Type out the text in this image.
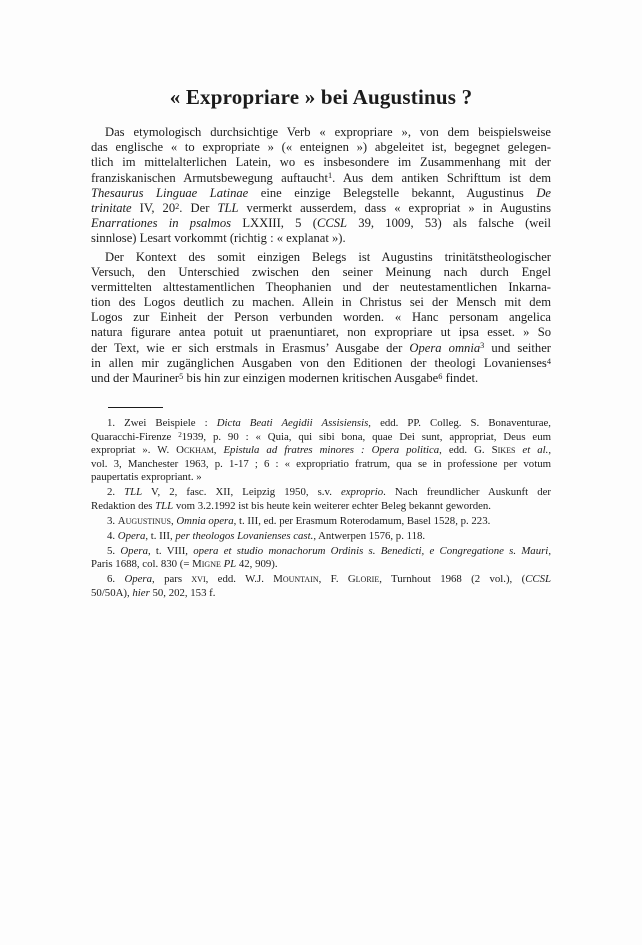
« Expropriare » bei Augustinus ?
Das etymologisch durchsichtige Verb « expropriare », von dem beispielsweise
das englische « to expropriate » (« enteignen ») abgeleitet ist, begegnet gelegen-
tlich im mittelalterlichen Latein, wo es insbesondere im Zusammenhang mit der
franziskanischen Armutsbewegung auftaucht$^1$. Aus dem antiken Schrifttum ist dem
Thesaurus Linguae Latinae eine einzige Belegstelle bekannt, Augustinus De
trinitate IV, $20^2$. Der TLL vermerkt ausserdem, dass « expropriat » in Augustins
Enarrationes in psalmos LXXIII, 5 (CCSL 39, 1009, 53) als falsche (weil
sinnlose) Lesart vorkommt (richtig : « explanat »).
Der Kontext des somit einzigen Belegs ist Augustins trinitätstheologischer
Versuch, den Unterschied zwischen den seiner Meinung nach durch Engel
vermittelten alttestamentlichen Theophanien und der neutestamentlichen Inkarna-
tion des Logos deutlich zu machen. Allein in Christus sei der Mensch mit dem
Logos zur Einheit der Person verbunden worden. « Hanc personam angelica
natura figurare antea potuit ut praenuntiaret, non expropriare ut ipsa esset. » So
der Text, wie er sich erstmals in Erasmus’ Ausgabe der Opera omnia$^3$ und seither
in allen mir zugänglichen Ausgaben von den Editionen der theologi Lovanienses$^4$
und der Mauriner$^5$ bis hin zur einzigen modernen kritischen Ausgabe$^6$ findet.
1. Zwei Beispiele : Dicta Beati Aegidii Assisiensis, edd. PP. Colleg. S. Bonaventurae,
Quaracchi-Firenze $^2$1939, p. 90 : « Quia, qui sibi bona, quae Dei sunt, appropriat, Deus eum
expropriat ». W. Ockham, Epistula ad fratres minores : Opera politica, edd. G. Sikes et al.,
vol. 3, Manchester 1963, p. 1-17 ; 6 : « expropriatio fratrum, qua se in professione per votum
paupertatis expropriant. »
2. TLL V, 2, fasc. XII, Leipzig 1950, s.v. exproprio. Nach freundlicher Auskunft der
Redaktion des TLL vom 3.2.1992 ist bis heute kein weiterer echter Beleg bekannt geworden.
3. Augustinus, Omnia opera, t. III, ed. per Erasmum Roterodamum, Basel 1528, p. 223.
4. Opera, t. III, per theologos Lovanienses cast., Antwerpen 1576, p. 118.
5. Opera, t. VIII, opera et studio monachorum Ordinis s. Benedicti, e Congregatione s. Mauri,
Paris 1688, col. 830 (= Migne PL 42, 909).
6. Opera, pars xvi, edd. W.J. Mountain, F. Glorie, Turnhout 1968 (2 vol.), (CCSL
50/50A), hier 50, 202, 153 f.
